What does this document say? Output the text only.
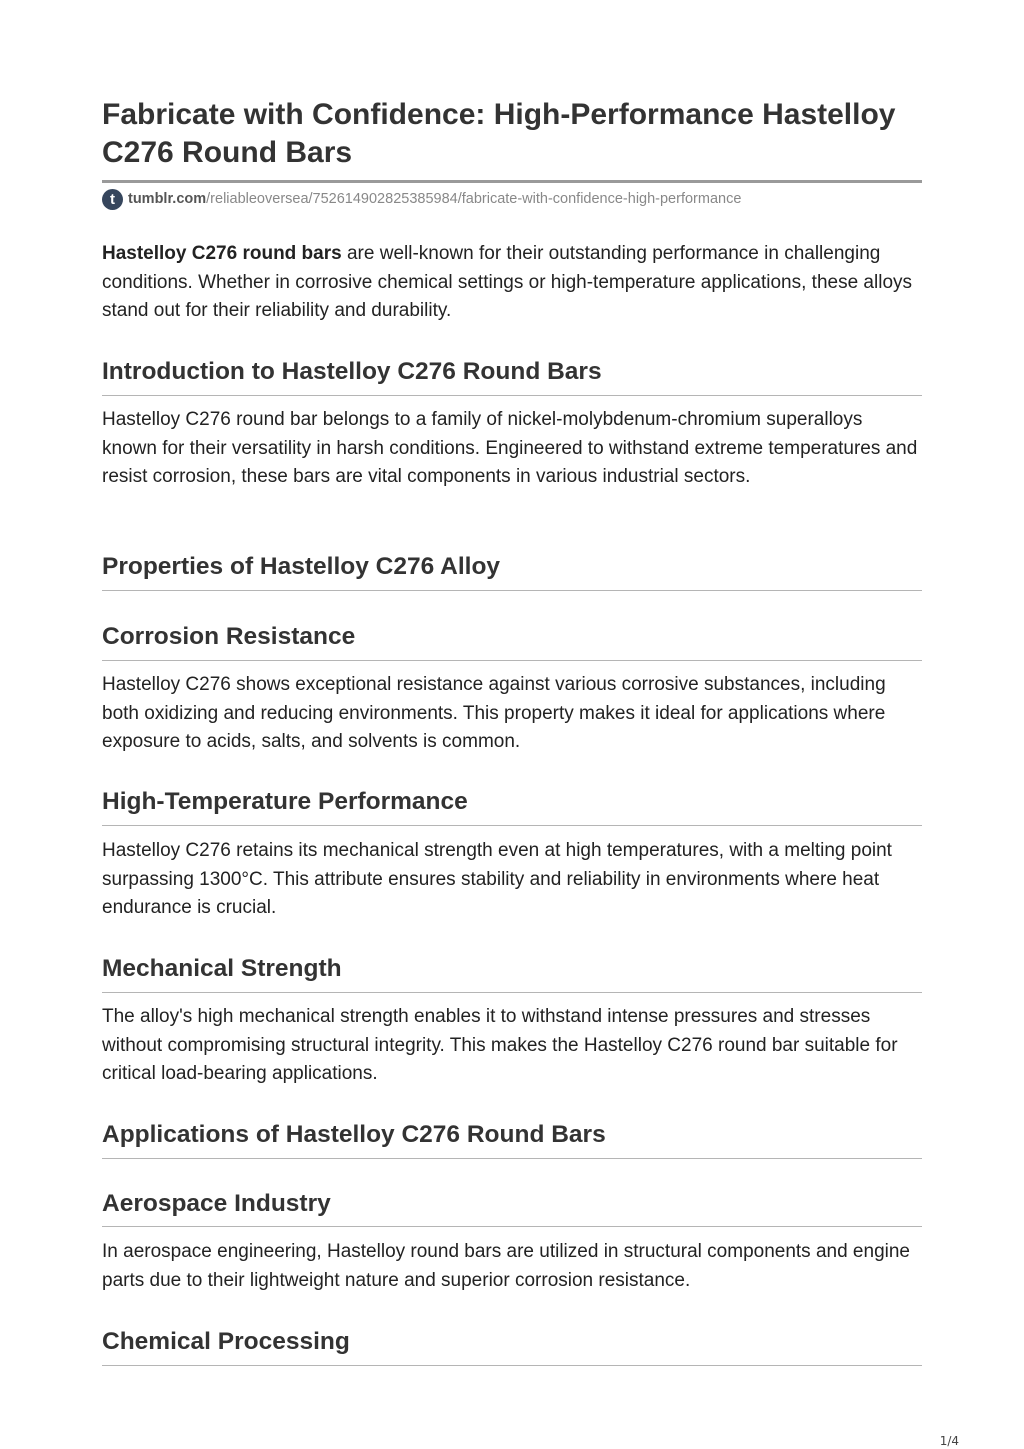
Fabricate with Confidence: High-Performance Hastelloy C276 Round Bars
t tumblr.com /reliableoversea/752614902825385984/fabricate-with-confidence-high-performance

Hastelloy C276 round bars are well-known for their outstanding performance in challenging conditions. Whether in corrosive chemical settings or high-temperature applications, these alloys stand out for their reliability and durability.

Introduction to Hastelloy C276 Round Bars

Hastelloy C276 round bar belongs to a family of nickel-molybdenum-chromium superalloys known for their versatility in harsh conditions. Engineered to withstand extreme temperatures and resist corrosion, these bars are vital components in various industrial sectors.

Properties of Hastelloy C276 Alloy
Corrosion Resistance

Hastelloy C276 shows exceptional resistance against various corrosive substances, including both oxidizing and reducing environments. This property makes it ideal for applications where exposure to acids, salts, and solvents is common.

High-Temperature Performance

Hastelloy C276 retains its mechanical strength even at high temperatures, with a melting point surpassing 1300°C. This attribute ensures stability and reliability in environments where heat endurance is crucial.

Mechanical Strength

The alloy's high mechanical strength enables it to withstand intense pressures and stresses without compromising structural integrity. This makes the Hastelloy C276 round bar suitable for critical load-bearing applications.

Applications of Hastelloy C276 Round Bars
Aerospace Industry

In aerospace engineering, Hastelloy round bars are utilized in structural components and engine parts due to their lightweight nature and superior corrosion resistance.

Chemical Processing
1/4
